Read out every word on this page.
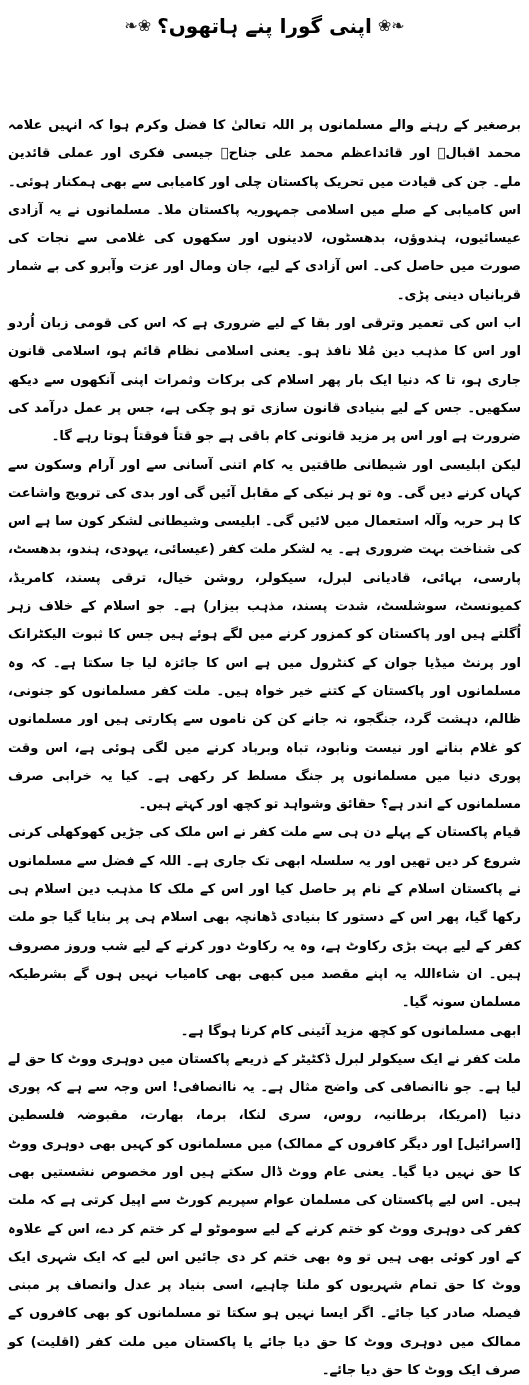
❧❀ اپنی گورا پنے ہاتھوں؟ ❀❧

برصغیر کے رہنے والے مسلمانوں پر اللہ تعالیٰ کا فضل وکرم ہوا کہ انہیں علامہ محمد اقبالؒ اور قائداعظم محمد علی جناحؒ جیسی فکری اور عملی قائدین ملے۔ جن کی قیادت میں تحریک پاکستان چلی اور کامیابی سے بھی ہمکنار ہوئی۔ اس کامیابی کے صلے میں اسلامی جمہوریہ پاکستان ملا۔ مسلمانوں نے یہ آزادی عیسائیوں، ہندوؤں، بدھسٹوں، لادینوں اور سکھوں کی غلامی سے نجات کی صورت میں حاصل کی۔ اس آزادی کے لیے، جان ومال اور عزت وآبرو کی بے شمار قربانیاں دینی پڑی۔

اب اس کی تعمیر وترقی اور بقا کے لیے ضروری ہے کہ اس کی قومی زبان اُردو اور اس کا مذہب دین مُلا نافذ ہو۔ یعنی اسلامی نظام قائم ہو، اسلامی قانون جاری ہو، تا کہ دنیا ایک بار پھر اسلام کی برکات وثمرات اپنی آنکھوں سے دیکھ سکھیں۔ جس کے لیے بنیادی قانون سازی تو ہو چکی ہے، جس پر عمل درآمد کی ضرورت ہے اور اس پر مزید قانونی کام باقی ہے جو قتاً فوقتاً ہوتا رہے گا۔

لیکن ابلیسی اور شیطانی طاقتیں یہ کام اتنی آسانی سے اور آرام وسکون سے کہاں کرنے دیں گی۔ وہ تو ہر نیکی کے مقابل آئیں گی اور بدی کی ترویج واشاعت کا ہر حربہ وآلہ استعمال میں لائیں گی۔ ابلیسی وشیطانی لشکر کون سا ہے اس کی شناخت بہت ضروری ہے۔ یہ لشکر ملت کفر (عیسائی، یہودی، ہندو، بدھسٹ، پارسی، بہائی، قادیانی لبرل، سیکولر، روشن خیال، ترقی پسند، کامریڈ، کمیونسٹ، سوشلسٹ، شدت پسند، مذہب بیزار) ہے۔ جو اسلام کے خلاف زہر اُگلتے ہیں اور پاکستان کو کمزور کرنے میں لگے ہوئے ہیں جس کا ثبوت الیکٹرانک اور پرنٹ میڈیا جوان کے کنٹرول میں ہے اس کا جائزہ لیا جا سکتا ہے۔ کہ وہ مسلمانوں اور پاکستان کے کتنے خیر خواہ ہیں۔ ملت کفر مسلمانوں کو جنونی، ظالم، دہشت گرد، جنگجو، نہ جانے کن کن ناموں سے پکارتی ہیں اور مسلمانوں کو غلام بنانے اور نیست ونابود، تباہ وبرباد کرنے میں لگی ہوئی ہے، اس وقت پوری دنیا میں مسلمانوں پر جنگ مسلط کر رکھی ہے۔ کیا یہ خرابی صرف مسلمانوں کے اندر ہے؟ حقائق وشواہد تو کچھ اور کہتے ہیں۔

قیام پاکستان کے پہلے دن ہی سے ملت کفر نے اس ملک کی جڑیں کھوکھلی کرنی شروع کر دیں تھیں اور یہ سلسلہ ابھی تک جاری ہے۔ اللہ کے فضل سے مسلمانوں نے پاکستان اسلام کے نام پر حاصل کیا اور اس کے ملک کا مذہب دین اسلام ہی رکھا گیا، پھر اس کے دستور کا بنیادی ڈھانچہ بھی اسلام ہی پر بنایا گیا جو ملت کفر کے لیے بہت بڑی رکاوٹ ہے، وہ یہ رکاوٹ دور کرنے کے لیے شب وروز مصروف ہیں۔ ان شاءاللہ یہ اپنے مقصد میں کبھی بھی کامیاب نہیں ہوں گے بشرطیکہ مسلمان سونہ گیا۔

ابھی مسلمانوں کو کچھ مزید آئینی کام کرنا ہوگا ہے۔

ملت کفر نے ایک سیکولر لبرل ڈکٹیٹر کے ذریعے پاکستان میں دوہری ووٹ کا حق لے لیا ہے۔ جو ناانصافی کی واضح مثال ہے۔ یہ ناانصافی! اس وجہ سے ہے کہ پوری دنیا (امریکا، برطانیہ، روس، سری لنکا، برما، بھارت، مقبوضہ فلسطین [اسرائیل] اور دیگر کافروں کے ممالک) میں مسلمانوں کو کہیں بھی دوہری ووٹ کا حق نہیں دیا گیا۔ یعنی عام ووٹ ڈال سکتے ہیں اور مخصوص نشستیں بھی ہیں۔ اس لیے پاکستان کی مسلمان عوام سپریم کورٹ سے اپیل کرتی ہے کہ ملت کفر کی دوہری ووٹ کو ختم کرنے کے لیے سوموٹو لے کر ختم کر دے، اس کے علاوہ کے اور کوئی بھی ہیں تو وہ بھی ختم کر دی جائیں اس لیے کہ ایک شہری ایک ووٹ کا حق تمام شہریوں کو ملنا چاہیے، اسی بنیاد پر عدل وانصاف پر مبنی فیصلہ صادر کیا جائے۔ اگر ایسا نہیں ہو سکتا تو مسلمانوں کو بھی کافروں کے ممالک میں دوہری ووٹ کا حق دیا جائے یا پاکستان میں ملت کفر (اقلیت) کو صرف ایک ووٹ کا حق دیا جائے۔
